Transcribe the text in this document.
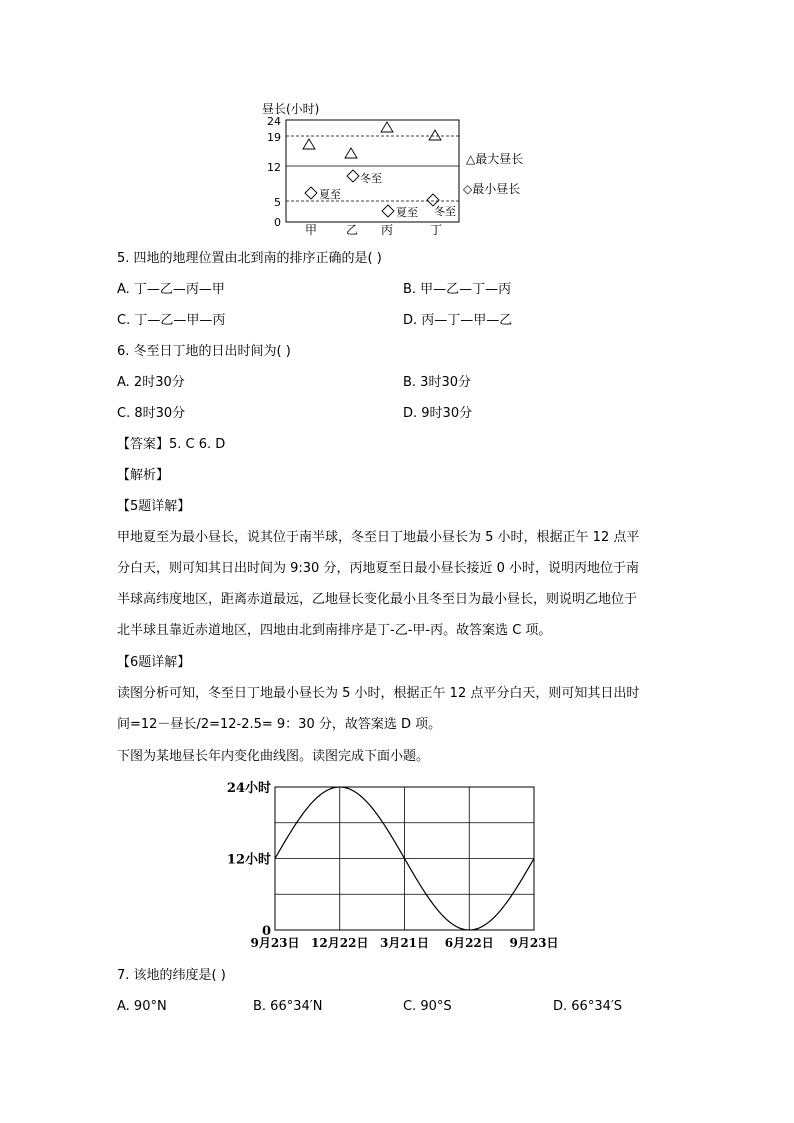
昼长(小时)
24
19
12
5
0
冬至
夏至
夏至 冬至
甲 乙 丙	丁
△最大昼长
◇最小昼长
5. 四地的地理位置由北到南的排序正确的是( )
A. 丁—乙—丙—甲	B. 甲—乙—丁—丙
C. 丁—乙—甲—丙	D. 丙—丁—甲—乙
6. 冬至日丁地的日出时间为( )
A. 2时30分	B. 3时30分
C. 8时30分	D. 9时30分
【答案】5. C 6. D
【解析】
【5题详解】
甲地夏至为最小昼长，说其位于南半球，冬至日丁地最小昼长为 5 小时，根据正午 12 点平
分白天，则可知其日出时间为 9:30 分，丙地夏至日最小昼长接近 0 小时，说明丙地位于南
半球高纬度地区，距离赤道最远，乙地昼长变化最小且冬至日为最小昼长，则说明乙地位于
北半球且靠近赤道地区，四地由北到南排序是丁-乙-甲-丙。故答案选 C 项。
【6题详解】
读图分析可知，冬至日丁地最小昼长为 5 小时，根据正午 12 点平分白天，则可知其日出时
间=12－昼长/2=12-2.5= 9：30 分，故答案选 D 项。
下图为某地昼长年内变化曲线图。读图完成下面小题。
0
12小时
24小时
9月23日 12月22日 3月21日 6月22日 9月23日
7. 该地的纬度是( )
A. 90°N	B. 66°34′N	C. 90°S	D. 66°34′S
